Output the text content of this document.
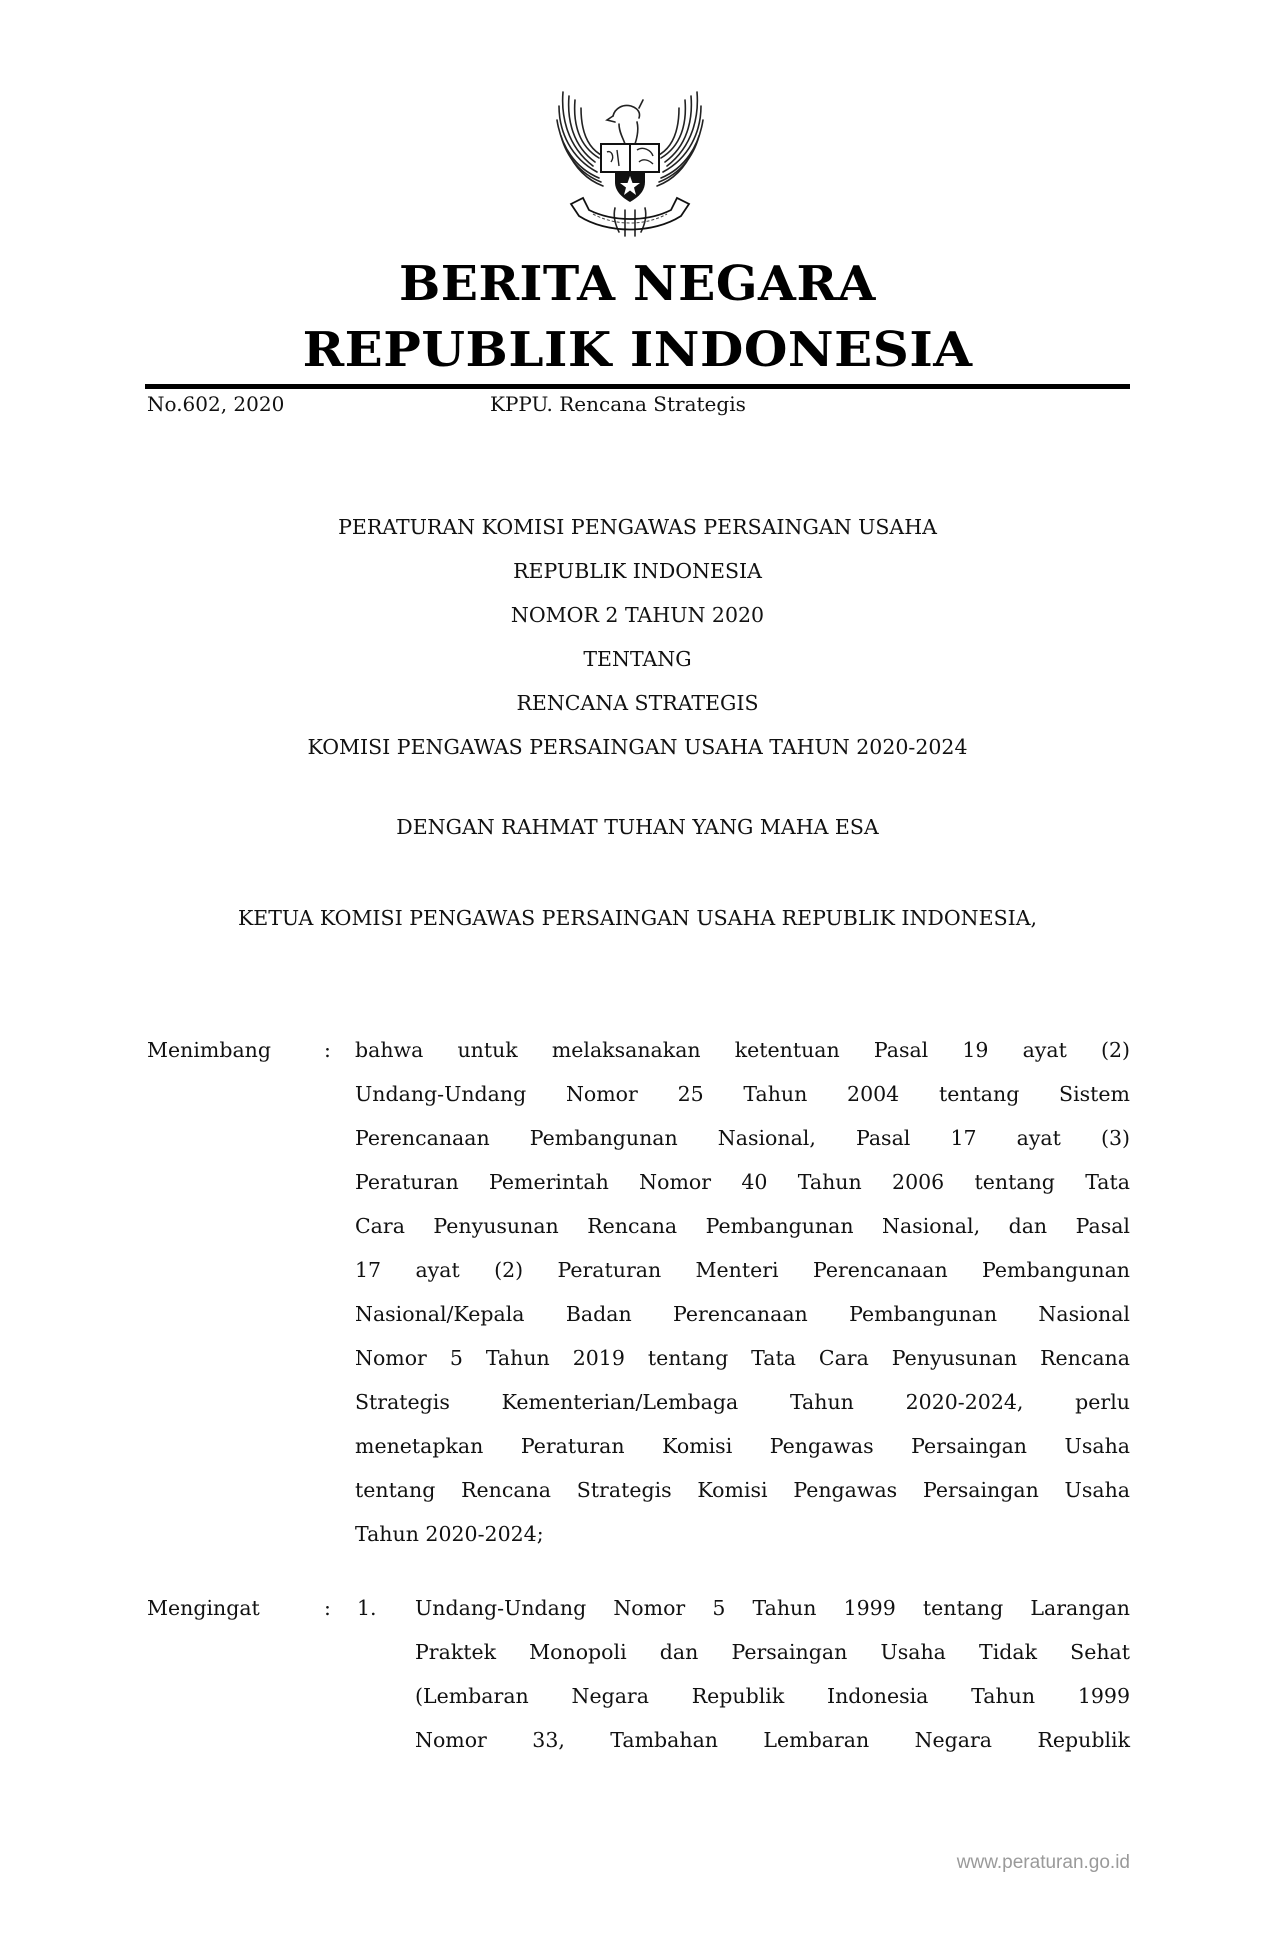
BERITA NEGARA
REPUBLIK INDONESIA
No.602, 2020	KPPU. Rencana Strategis
PERATURAN KOMISI PENGAWAS PERSAINGAN USAHA
REPUBLIK INDONESIA
NOMOR 2 TAHUN 2020
TENTANG
RENCANA STRATEGIS
KOMISI PENGAWAS PERSAINGAN USAHA TAHUN 2020-2024
DENGAN RAHMAT TUHAN YANG MAHA ESA
KETUA KOMISI PENGAWAS PERSAINGAN USAHA REPUBLIK INDONESIA,
Menimbang	: bahwa untuk melaksanakan ketentuan Pasal 19 ayat (2)
Undang-Undang Nomor 25 Tahun 2004 tentang Sistem
Perencanaan Pembangunan Nasional, Pasal 17 ayat (3)
Peraturan Pemerintah Nomor 40 Tahun 2006 tentang Tata
Cara Penyusunan Rencana Pembangunan Nasional, dan Pasal
17 ayat (2) Peraturan Menteri Perencanaan Pembangunan
Nasional/Kepala Badan Perencanaan Pembangunan Nasional
Nomor 5 Tahun 2019 tentang Tata Cara Penyusunan Rencana
Strategis Kementerian/Lembaga Tahun 2020-2024, perlu
menetapkan Peraturan Komisi Pengawas Persaingan Usaha
tentang Rencana Strategis Komisi Pengawas Persaingan Usaha
Tahun 2020-2024;
Mengingat	: 1. Undang-Undang Nomor 5 Tahun 1999 tentang Larangan
Praktek Monopoli dan Persaingan Usaha Tidak Sehat
(Lembaran Negara Republik Indonesia Tahun 1999
Nomor 33, Tambahan Lembaran Negara Republik
www.peraturan.go.id
